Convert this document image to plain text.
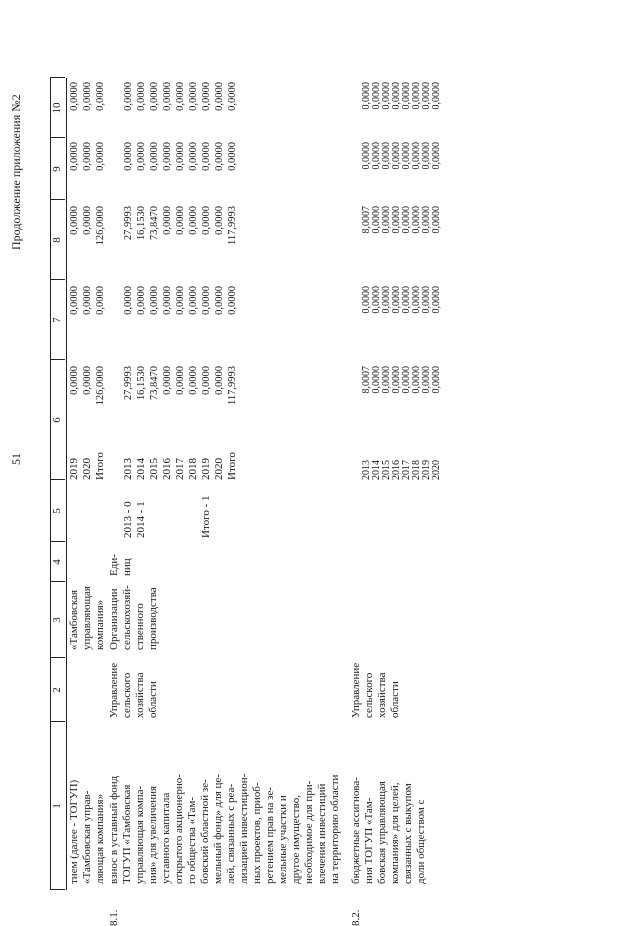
51
Продолжение приложения №2
1
2
3
4
5
6
7
8
9
10
тием (далее - ТОГУП)
«Тамбовская управ-
ляющая компания»
«Тамбовская
управляющая
компания»
2019
2020
Итого
0,0000
0,0000
126,0000
0,0000
0,0000
0,0000
0,0000
0,0000
126,0000
0,0000
0,0000
0,0000
0,0000
0,0000
0,0000
8.1.
взнос в уставный фонд
ТОГУП «Тамбовская
управляющая компа-
ния» для увеличения
уставного капитала
открытого акционерно-
го общества «Там-
бовский областной зе-
мельный фонд» для це-
лей, связанных с реа-
лизацией инвестицион-
ных проектов, приоб-
ретением прав на зе-
мельные участки и
другое имущество,
необходимое для при-
влечения инвестиций
на территорию области
Управление
сельского
хозяйства
области
Организации
сельскохозяй-
ственного
производства
Еди-
ниц
2013 - 0
2014 - 1	Итого - 1
2013
2014
2015
2016
2017
2018
2019
2020
Итого
27,9993
16,1530
73,8470
0,0000
0,0000
0,0000
0,0000
0,0000
117,9993
0,0000
0,0000
0,0000
0,0000
0,0000
0,0000
0,0000
0,0000
0,0000
27,9993
16,1530
73,8470
0,0000
0,0000
0,0000
0,0000
0,0000
117,9993
0,0000
0,0000
0,0000
0,0000
0,0000
0,0000
0,0000
0,0000
0,0000
0,0000
0,0000
0,0000
0,0000
0,0000
0,0000
0,0000
0,0000
0,0000
8.2.
бюджетные ассигнова-
ния ТОГУП «Там-
бовская управляющая
компания» для целей,
связанных с выкупом
доли обществом с
Управление
сельского
хозяйства
области
2013
2014
2015
2016
2017
2018
2019
2020
8,0007
0,0000
0,0000
0,0000
0,0000
0,0000
0,0000
0,0000
0,0000
0,0000
0,0000
0,0000
0,0000
0,0000
0,0000
0,0000
8,0007
0,0000
0,0000
0,0000
0,0000
0,0000
0,0000
0,0000
0,0000
0,0000
0,0000
0,0000
0,0000
0,0000
0,0000
0,0000
0,0000
0,0000
0,0000
0,0000
0,0000
0,0000
0,0000
0,0000
